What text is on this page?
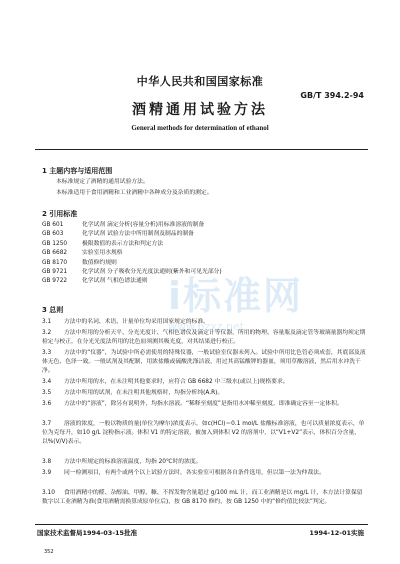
中华人民共和国国家标准
GB/T 394.2-94
酒精通用试验方法
General methods for determination of ethanol
1 主题内容与适用范围
本标准规定了酒精的通用试验方法。
本标准适用于食用酒精和工业酒精中各种成分及杂质的测定。
2 引用标准
GB 601	化学试剂 滴定分析(容量分析)用标准溶液的制备
GB 603	化学试剂 试验方法中所用制剂及制品的制备
GB 1250	极限数值的表示方法和判定方法
GB 6682	实验室用水规格
GB 8170	数值修约规则
GB 9721	化学试剂 分子吸收分光光度法通则(紫外和可见光部分)
GB 9722	化学试剂 气相色谱法通则
3 总则
3.1 方法中的名词、术语、计量单位均采用国家规定的标准。
3.2 方法中所用的分析天平、分光光度计、气相色谱仪及滴定计等仪器，所用的物理、容量瓶及滴定管等玻璃量器均须定期检定与校正，在分光光度法所用的比色皿须测其吸光度，对其结果进行校正。
3.3 方法中的“仪器”，为试验中所必需使用的特殊仪器，一般试验室仪器未列入。试验中所用比色管必须成套，其底部及液体无色、色泽一致。一般试剂及其配制，用浓盐酸或硫酸洗涤洁液，用过其高锰酸钾的器皿，须用草酸溶液，然后用水冲洗干净。
3.4 方法中所用的水，在未注明其他要求时，应符合 GB 6682 中三级水(或以上)规格要求。
3.5 方法中所用的试剂，在未注明其他规格时，均指分析纯(A.R)。
3.6 方法中的“溶液”，除另有说明外，均指水溶液。“稀释至刻度”是指用水冲稀至刻度，即准确定容至一定体积。
3.7 溶液的浓度，一般以物质的量(单位为摩尔)浓度表示，如c(HCl)＝0.1 mol/L 盐酸标准溶液，也可以质量浓度表示，单位为克每升，如10 g/L 淀粉指示液。体积 V1 的特定溶液，被加入到体积 V2 的溶剂中，以“V1+V2”表示，体积百分含量，以%(V/V)表示。
3.8 方法中所规定的标准溶液温度，均指 20℃时的浓度。
3.9 同一检测项目，有两个或两个以上试验方法时，各实验室可根据各自条件选用，但以第一法为仲裁法。
3.10 食用酒精中的醛、杂醇油、甲醇、糠、不挥发物含量超过 g/100 mL 计，而工业酒精是以 mg/L 计，本方法计算保留数字以工业酒精为准(食用酒精需换算成原单位后)，按 GB 8170 修约，按 GB 1250 中的“修约值比较法”判定。
国家技术监督局1994-03-15批准	1994-12-01实施
352
i标准网
www.bzxz.net
